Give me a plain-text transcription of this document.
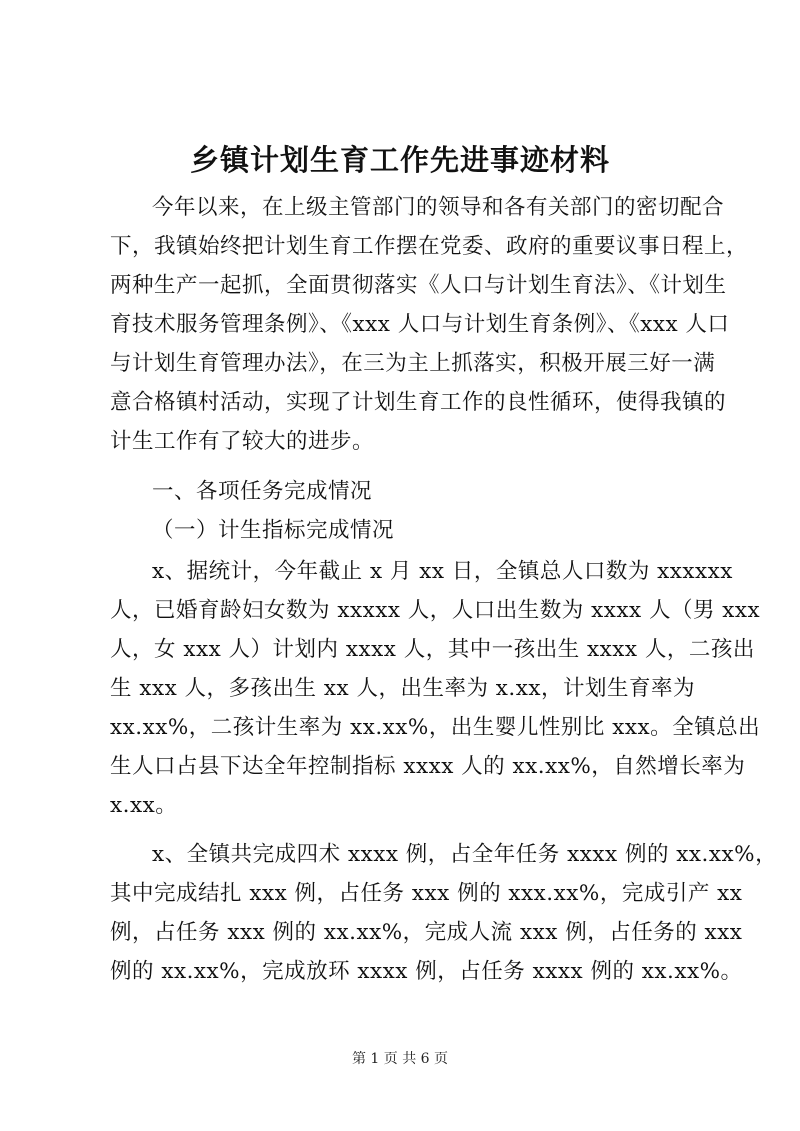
乡镇计划生育工作先进事迹材料
今年以来，在上级主管部门的领导和各有关部门的密切配合
下，我镇始终把计划生育工作摆在党委、政府的重要议事日程上，
两种生产一起抓，全面贯彻落实《人口与计划生育法》、《计划生
育技术服务管理条例》、《xxx 人口与计划生育条例》、《xxx 人口
与计划生育管理办法》，在三为主上抓落实，积极开展三好一满
意合格镇村活动，实现了计划生育工作的良性循环，使得我镇的
计生工作有了较大的进步。
一、各项任务完成情况
（一）计生指标完成情况
x、据统计，今年截止 x 月 xx 日，全镇总人口数为 xxxxxx
人，已婚育龄妇女数为 xxxxx 人，人口出生数为 xxxx 人（男 xxx
人，女 xxx 人）计划内 xxxx 人，其中一孩出生 xxxx 人，二孩出
生 xxx 人，多孩出生 xx 人，出生率为 x.xx，计划生育率为
xx.xx%，二孩计生率为 xx.xx%，出生婴儿性别比 xxx。全镇总出
生人口占县下达全年控制指标 xxxx 人的 xx.xx%，自然增长率为
x.xx。
x、全镇共完成四术 xxxx 例，占全年任务 xxxx 例的 xx.xx%，
其中完成结扎 xxx 例，占任务 xxx 例的 xxx.xx%，完成引产 xx
例，占任务 xxx 例的 xx.xx%，完成人流 xxx 例，占任务的 xxx
例的 xx.xx%，完成放环 xxxx 例，占任务 xxxx 例的 xx.xx%。
第 1 页 共 6 页
